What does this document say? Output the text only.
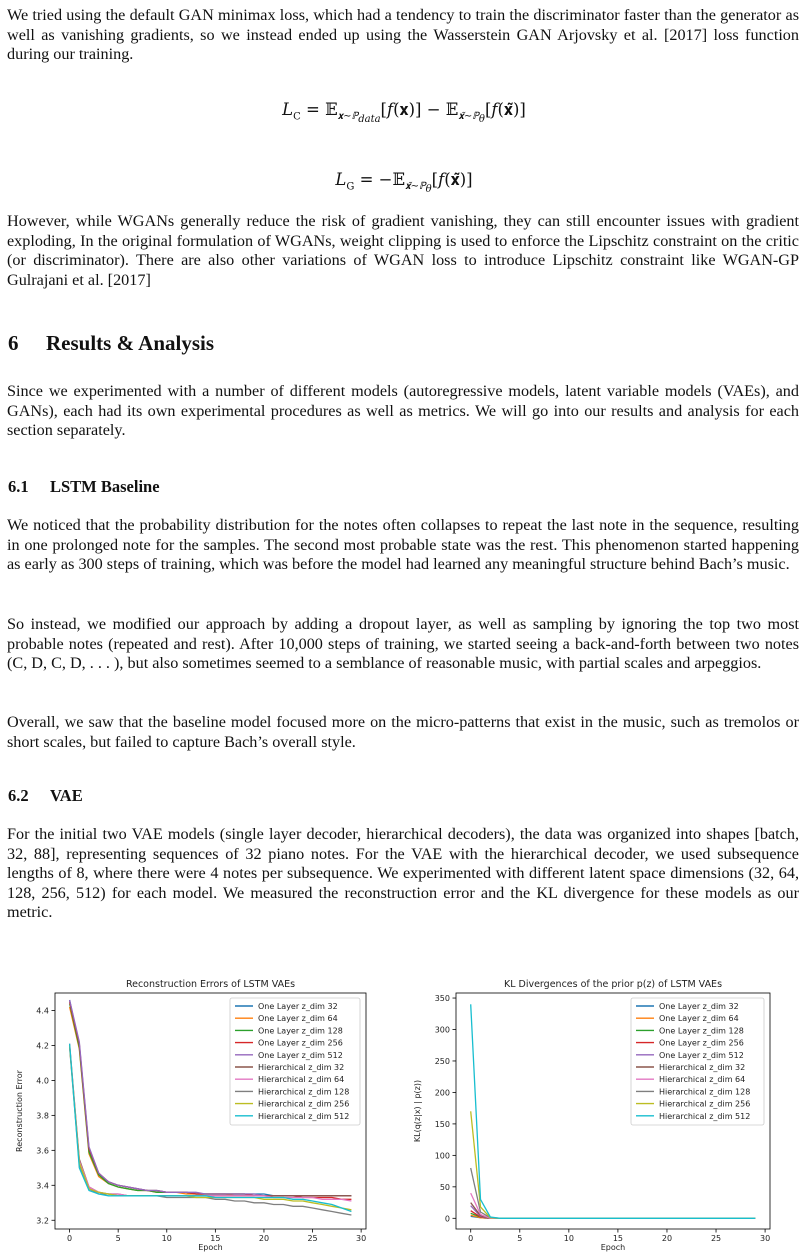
We tried using the default GAN minimax loss, which had a tendency to train the discriminator faster than the generator as well as vanishing gradients, so we instead ended up using the Wasserstein GAN Arjovsky et al. [2017] loss function during our training.

$L_C$ = 𝔼$_{𝐱\sim ℙ_{data}}$[f(𝐱)] − 𝔼$_{𝐱̃\sim ℙ_\theta}$[f(𝐱̃)]
$L_G$ = −𝔼$_{𝐱̃\sim ℙ_\theta}$[f(𝐱̃)]

However, while WGANs generally reduce the risk of gradient vanishing, they can still encounter issues with gradient exploding, In the original formulation of WGANs, weight clipping is used to enforce the Lipschitz constraint on the critic (or discriminator). There are also other variations of WGAN loss to introduce Lipschitz constraint like WGAN-GP Gulrajani et al. [2017]

6 Results & Analysis

Since we experimented with a number of different models (autoregressive models, latent variable models (VAEs), and GANs), each had its own experimental procedures as well as metrics. We will go into our results and analysis for each section separately.

6.1 LSTM Baseline

We noticed that the probability distribution for the notes often collapses to repeat the last note in the sequence, resulting in one prolonged note for the samples. The second most probable state was the rest. This phenomenon started happening as early as 300 steps of training, which was before the model had learned any meaningful structure behind Bach’s music.

So instead, we modified our approach by adding a dropout layer, as well as sampling by ignoring the top two most probable notes (repeated and rest). After 10,000 steps of training, we started seeing a back-and-forth between two notes (C, D, C, D, . . . ), but also sometimes seemed to a semblance of reasonable music, with partial scales and arpeggios.

Overall, we saw that the baseline model focused more on the micro-patterns that exist in the music, such as tremolos or short scales, but failed to capture Bach’s overall style.

6.2 VAE

For the initial two VAE models (single layer decoder, hierarchical decoders), the data was organized into shapes [batch, 32, 88], representing sequences of 32 piano notes. For the VAE with the hierarchical decoder, we used subsequence lengths of 8, where there were 4 notes per subsequence. We experimented with different latent space dimensions (32, 64, 128, 256, 512) for each model. We measured the reconstruction error and the KL divergence for these models as our metric.

Reconstruction Errors of LSTM VAEs
0	5	10	15	20	25	30
3.2
3.4
3.6
3.8
4.0
4.2
4.4
Epoch
Reconstruction Error
One Layer z_dim 32
One Layer z_dim 64
One Layer z_dim 128
One Layer z_dim 256
One Layer z_dim 512
Hierarchical z_dim 32
Hierarchical z_dim 64
Hierarchical z_dim 128
Hierarchical z_dim 256
Hierarchical z_dim 512
KL Divergences of the prior p(z) of LSTM VAEs
0	5	10	15	20	25	30
0
50
100
150
200
250
300
350
Epoch
KL(q(z|x) | p(z))
One Layer z_dim 32
One Layer z_dim 64
One Layer z_dim 128
One Layer z_dim 256
One Layer z_dim 512
Hierarchical z_dim 32
Hierarchical z_dim 64
Hierarchical z_dim 128
Hierarchical z_dim 256
Hierarchical z_dim 512
